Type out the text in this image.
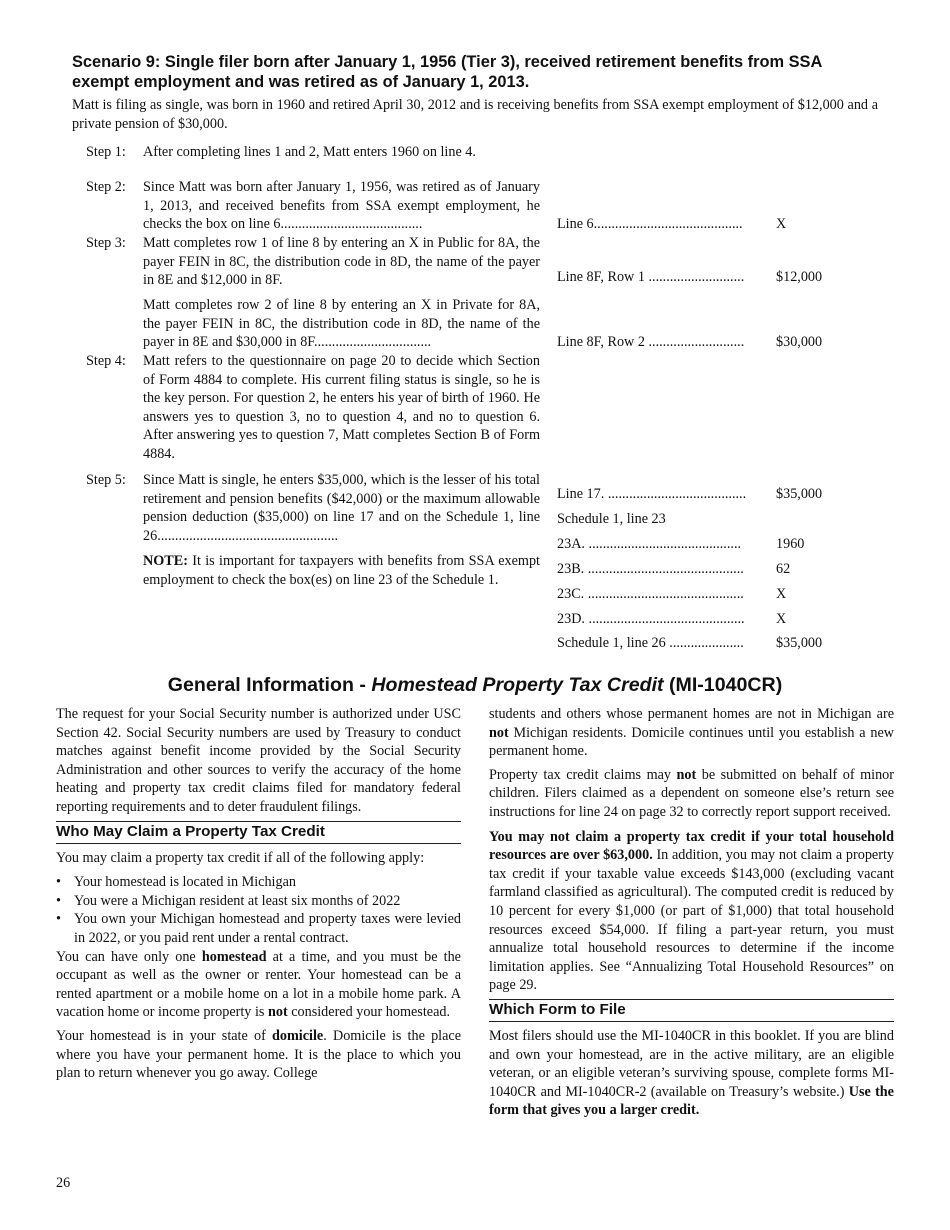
Scenario 9: Single filer born after January 1, 1956 (Tier 3), received retirement benefits from SSA exempt employment and was retired as of January 1, 2013.
Matt is filing as single, was born in 1960 and retired April 30, 2012 and is receiving benefits from SSA exempt employment of $12,000 and a private pension of $30,000.
Step 1: After completing lines 1 and 2, Matt enters 1960 on line 4.
Step 2: Since Matt was born after January 1, 1956, was retired as of January 1, 2013, and received benefits from SSA exempt employment, he checks the box on line 6........................................
Step 3: Matt completes row 1 of line 8 by entering an X in Public for 8A, the payer FEIN in 8C, the distribution code in 8D, the name of the payer in 8E and $12,000 in 8F.
Matt completes row 2 of line 8 by entering an X in Private for 8A, the payer FEIN in 8C, the distribution code in 8D, the name of the payer in 8E and $30,000 in 8F.................................
Step 4: Matt refers to the questionnaire on page 20 to decide which Section of Form 4884 to complete. His current filing status is single, so he is the key person. For question 2, he enters his year of birth of 1960. He answers yes to question 3, no to question 4, and no to question 6. After answering yes to question 7, Matt completes Section B of Form 4884.
Step 5: Since Matt is single, he enters $35,000, which is the lesser of his total retirement and pension benefits ($42,000) or the maximum allowable pension deduction ($35,000) on line 17 and on the Schedule 1, line 26...................................................
NOTE: It is important for taxpayers with benefits from SSA exempt employment to check the box(es) on line 23 of the Schedule 1.
Line 6..........................................	X
Line 8F, Row 1 ...........................	$12,000
Line 8F, Row 2 ...........................	$30,000
Line 17. .......................................	$35,000
Schedule 1, line 23
23A. ...........................................	1960
23B. ............................................	62
23C. ............................................	X
23D. ............................................	X
Schedule 1, line 26 .....................	$35,000
General Information - Homestead Property Tax Credit (MI-1040CR)

The request for your Social Security number is authorized under USC Section 42. Social Security numbers are used by Treasury to conduct matches against benefit income provided by the Social Security Administration and other sources to verify the accuracy of the home heating and property tax credit claims filed for mandatory federal reporting requirements and to deter fraudulent filings.

Who May Claim a Property Tax Credit

You may claim a property tax credit if all of the following apply:

• Your homestead is located in Michigan
• You were a Michigan resident at least six months of 2022
• You own your Michigan homestead and property taxes were levied in 2022, or you paid rent under a rental contract.

You can have only one homestead at a time, and you must be the occupant as well as the owner or renter. Your homestead can be a rented apartment or a mobile home on a lot in a mobile home park. A vacation home or income property is not considered your homestead.

Your homestead is in your state of domicile. Domicile is the place where you have your permanent home. It is the place to which you plan to return whenever you go away. College

students and others whose permanent homes are not in Michigan are not Michigan residents. Domicile continues until you establish a new permanent home.

Property tax credit claims may not be submitted on behalf of minor children. Filers claimed as a dependent on someone else’s return see instructions for line 24 on page 32 to correctly report support received.

You may not claim a property tax credit if your total household resources are over $63,000. In addition, you may not claim a property tax credit if your taxable value exceeds $143,000 (excluding vacant farmland classified as agricultural). The computed credit is reduced by 10 percent for every $1,000 (or part of $1,000) that total household resources exceed $54,000. If filing a part-year return, you must annualize total household resources to determine if the income limitation applies. See “Annualizing Total Household Resources” on page 29.

Which Form to File

Most filers should use the MI-1040CR in this booklet. If you are blind and own your homestead, are in the active military, are an eligible veteran, or an eligible veteran’s surviving spouse, complete forms MI-1040CR and MI-1040CR-2 (available on Treasury’s website.) Use the form that gives you a larger credit.

26
